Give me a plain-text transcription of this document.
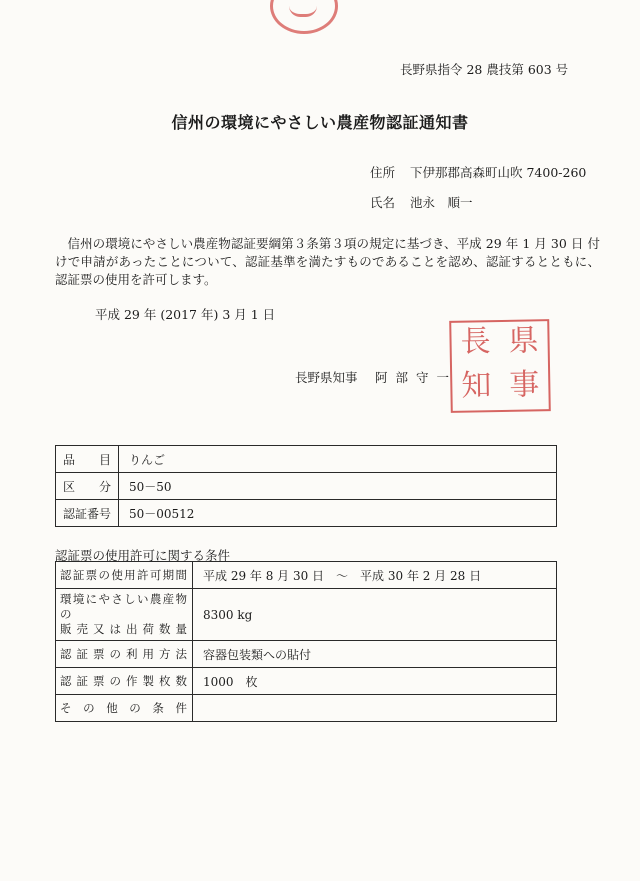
長野県指令 28 農技第 603 号
信州の環境にやさしい農産物認証通知書
住所 下伊那郡高森町山吹 7400-260
氏名 池永　順一
信州の環境にやさしい農産物認証要綱第３条第３項の規定に基づき、平成 29 年 1 月 30 日 付けで申請があったことについて、認証基準を満たすものであることを認め、認証するとともに、認証票の使用を許可します。
平成 29 年 (2017 年) 3 月 1 日
長野県知事 阿部守一
長 県
知 事
品　　目	りんご
区　　分	50－50
認証番号	50－00512
認証票の使用許可に関する条件
認証票の使用許可期間	平成 29 年 8 月 30 日　～　平成 30 年 2 月 28 日

環境にやさしい農産物の
販売又は出荷数量	8300 kg
認証票の利用方法	容器包装類への貼付
認証票の作製枚数	1000　枚
その他の条件	
